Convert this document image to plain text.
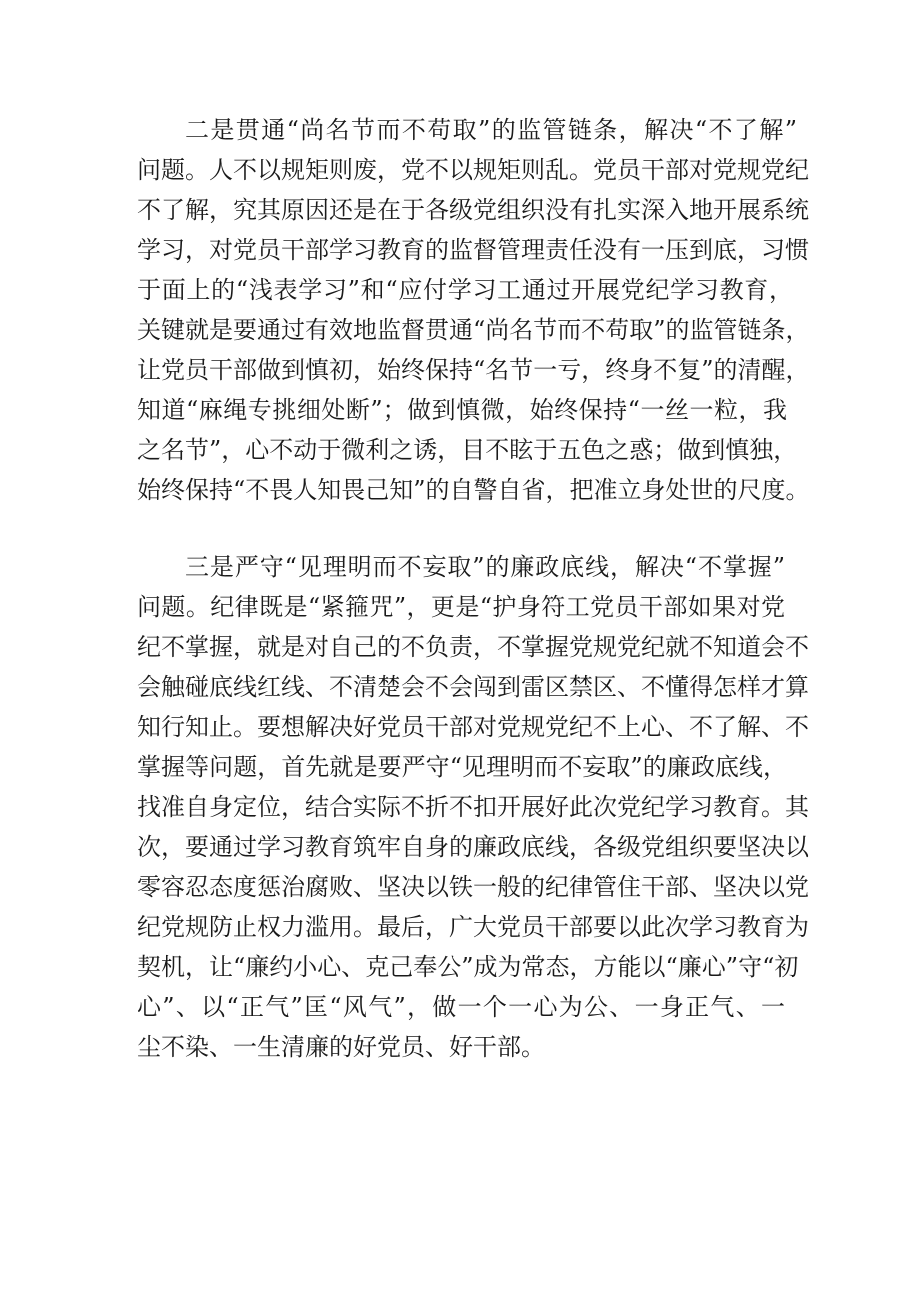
二是贯通“尚名节而不苟取”的监管链条，解决“不了解”
问题。人不以规矩则废，党不以规矩则乱。党员干部对党规党纪
不了解，究其原因还是在于各级党组织没有扎实深入地开展系统
学习，对党员干部学习教育的监督管理责任没有一压到底，习惯
于面上的“浅表学习”和“应付学习工通过开展党纪学习教育，
关键就是要通过有效地监督贯通“尚名节而不苟取”的监管链条，
让党员干部做到慎初，始终保持“名节一亏，终身不复”的清醒，
知道“麻绳专挑细处断”；做到慎微，始终保持“一丝一粒，我
之名节”，心不动于微利之诱，目不眩于五色之惑；做到慎独，
始终保持“不畏人知畏己知”的自警自省，把准立身处世的尺度。
三是严守“见理明而不妄取”的廉政底线，解决“不掌握”
问题。纪律既是“紧箍咒”，更是“护身符工党员干部如果对党
纪不掌握，就是对自己的不负责，不掌握党规党纪就不知道会不
会触碰底线红线、不清楚会不会闯到雷区禁区、不懂得怎样才算
知行知止。要想解决好党员干部对党规党纪不上心、不了解、不
掌握等问题，首先就是要严守“见理明而不妄取”的廉政底线，
找准自身定位，结合实际不折不扣开展好此次党纪学习教育。其
次，要通过学习教育筑牢自身的廉政底线，各级党组织要坚决以
零容忍态度惩治腐败、坚决以铁一般的纪律管住干部、坚决以党
纪党规防止权力滥用。最后，广大党员干部要以此次学习教育为
契机，让“廉约小心、克己奉公”成为常态，方能以“廉心”守“初
心”、以“正气”匡“风气”，做一个一心为公、一身正气、一
尘不染、一生清廉的好党员、好干部。
